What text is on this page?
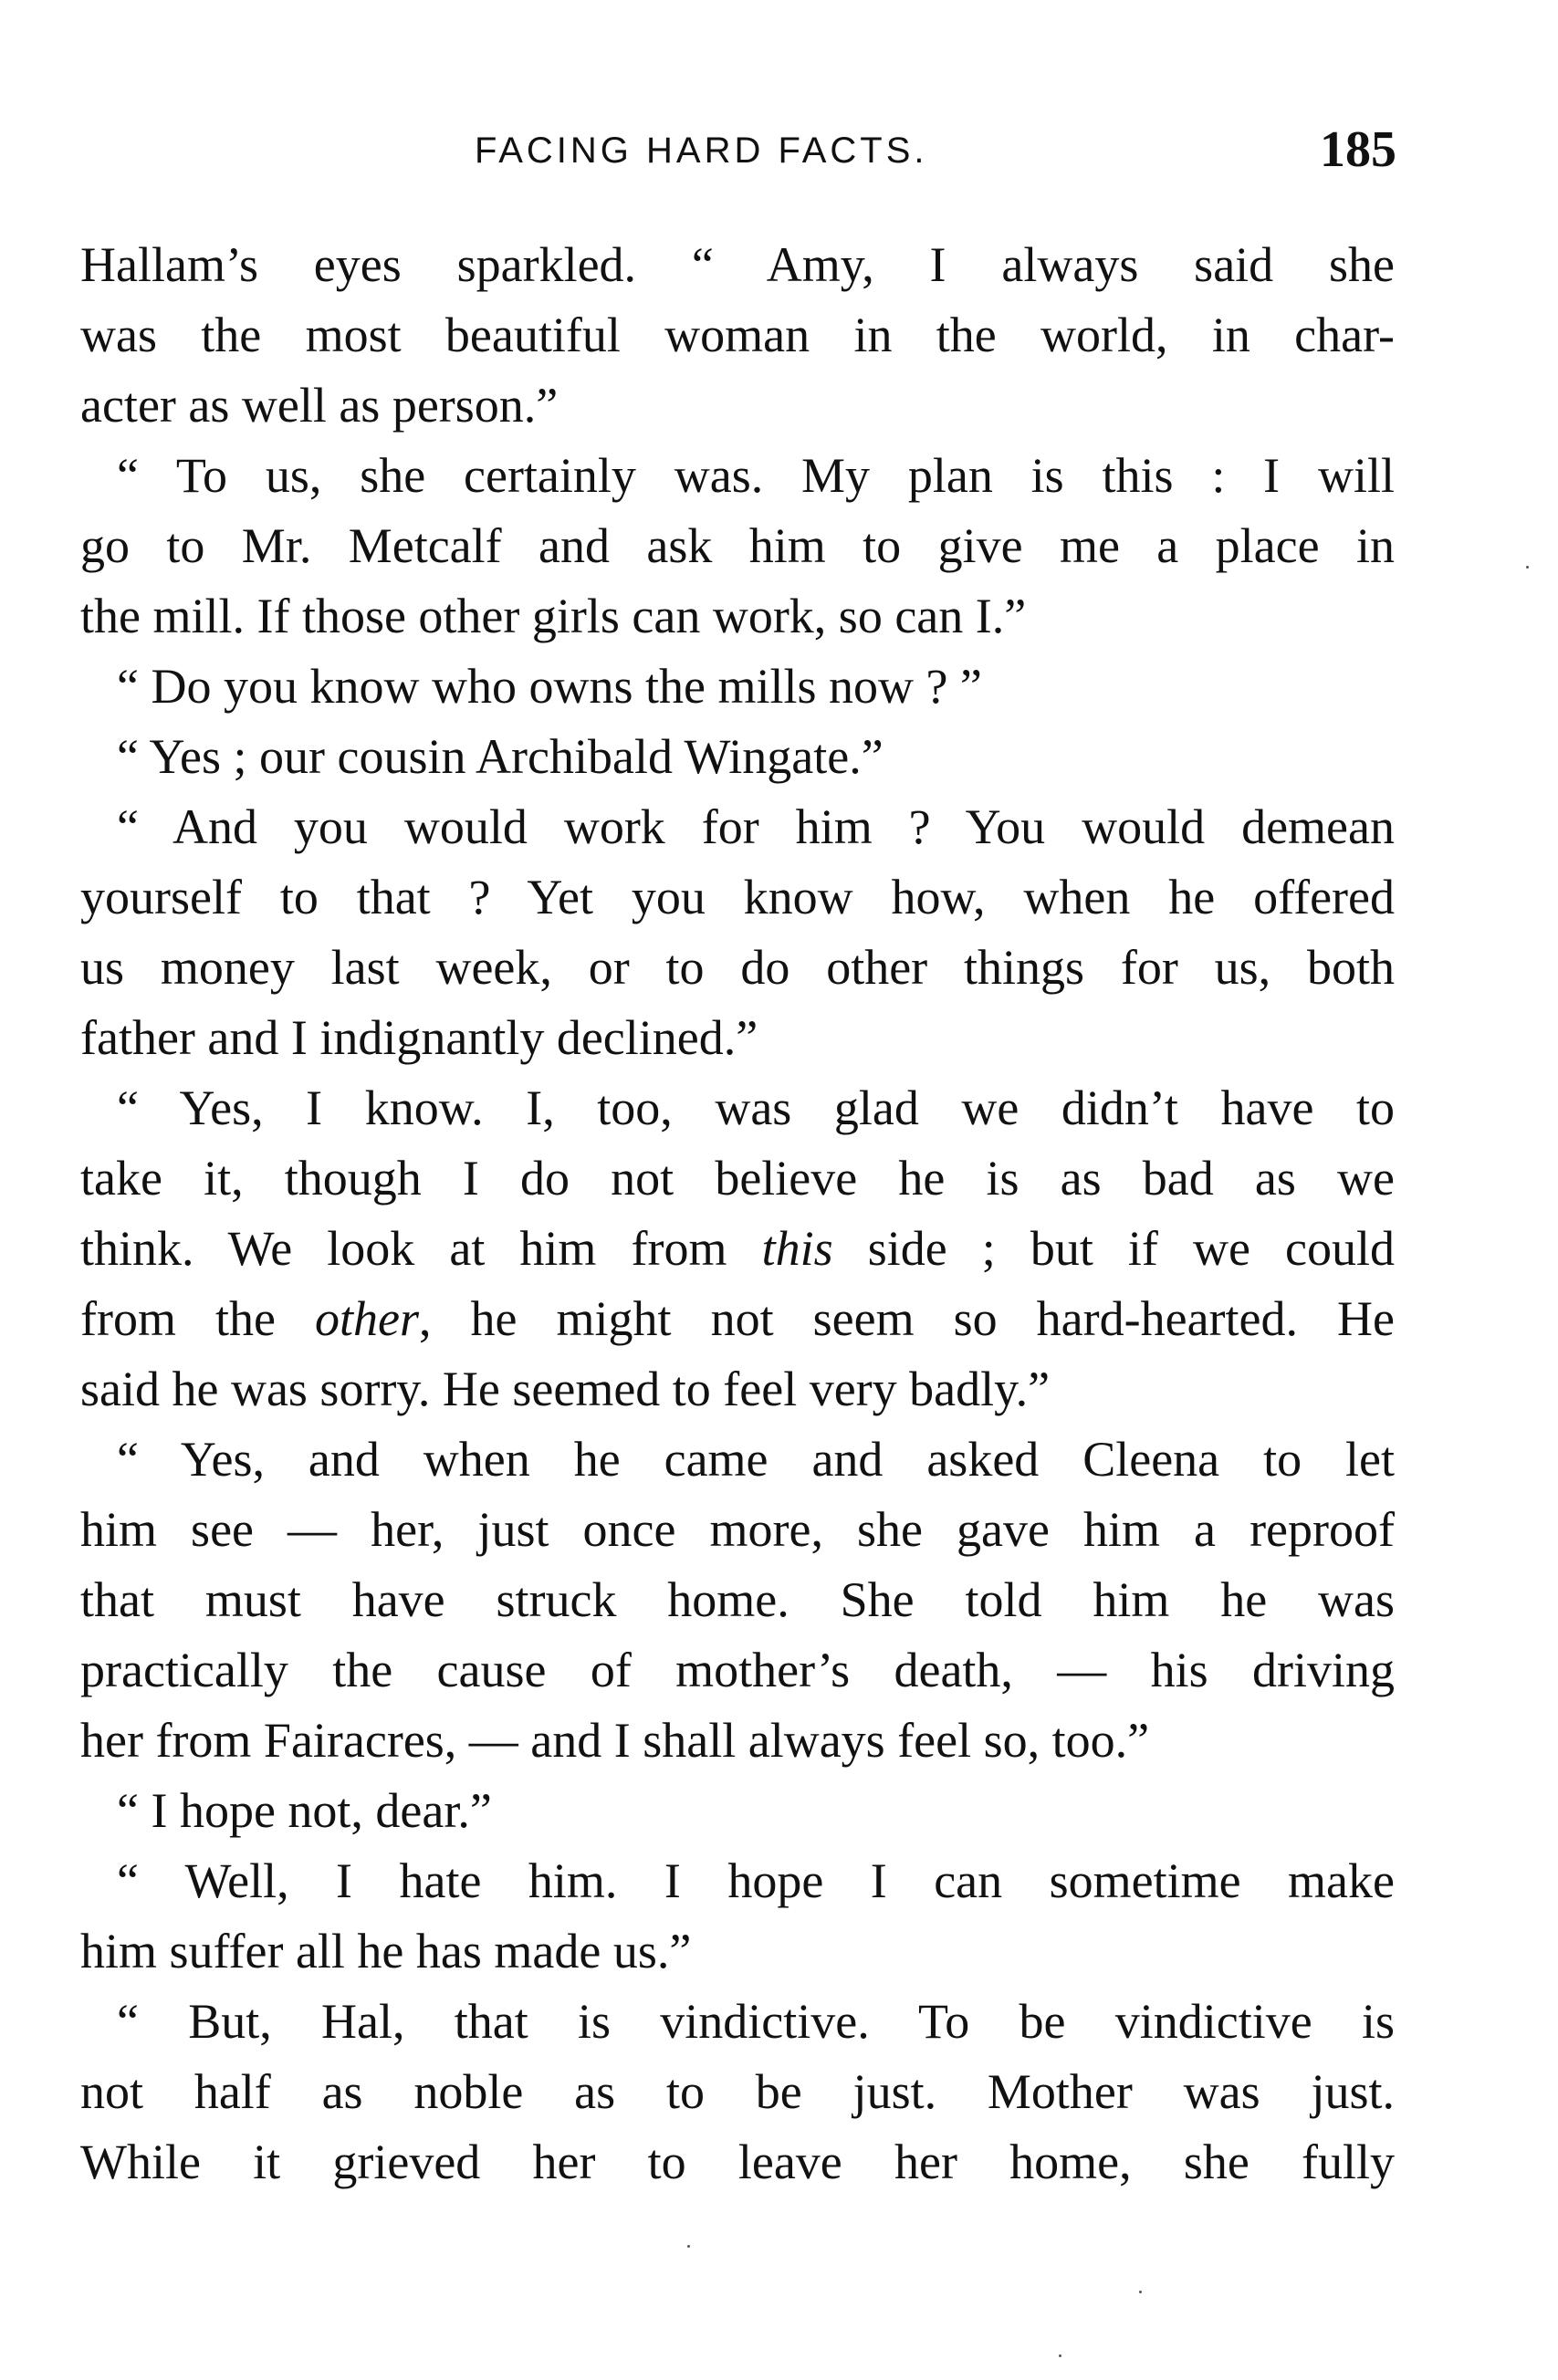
FACING HARD FACTS.	185
Hallam’s eyes sparkled. “ Amy, I always said she
was the most beautiful woman in the world, in char-
acter as well as person.”
“ To us, she certainly was. My plan is this : I will
go to Mr. Metcalf and ask him to give me a place in
the mill. If those other girls can work, so can I.”
“ Do you know who owns the mills now ? ”
“ Yes ; our cousin Archibald Wingate.”
“ And you would work for him ? You would demean
yourself to that ? Yet you know how, when he offered
us money last week, or to do other things for us, both
father and I indignantly declined.”
“ Yes, I know. I, too, was glad we didn’t have to
take it, though I do not believe he is as bad as we
think. We look at him from this side ; but if we could
from the other, he might not seem so hard-hearted. He
said he was sorry. He seemed to feel very badly.”
“ Yes, and when he came and asked Cleena to let
him see — her, just once more, she gave him a reproof
that must have struck home. She told him he was
practically the cause of mother’s death, — his driving
her from Fairacres, — and I shall always feel so, too.”
“ I hope not, dear.”
“ Well, I hate him. I hope I can sometime make
him suffer all he has made us.”
“ But, Hal, that is vindictive. To be vindictive is
not half as noble as to be just. Mother was just.
While it grieved her to leave her home, she fully
